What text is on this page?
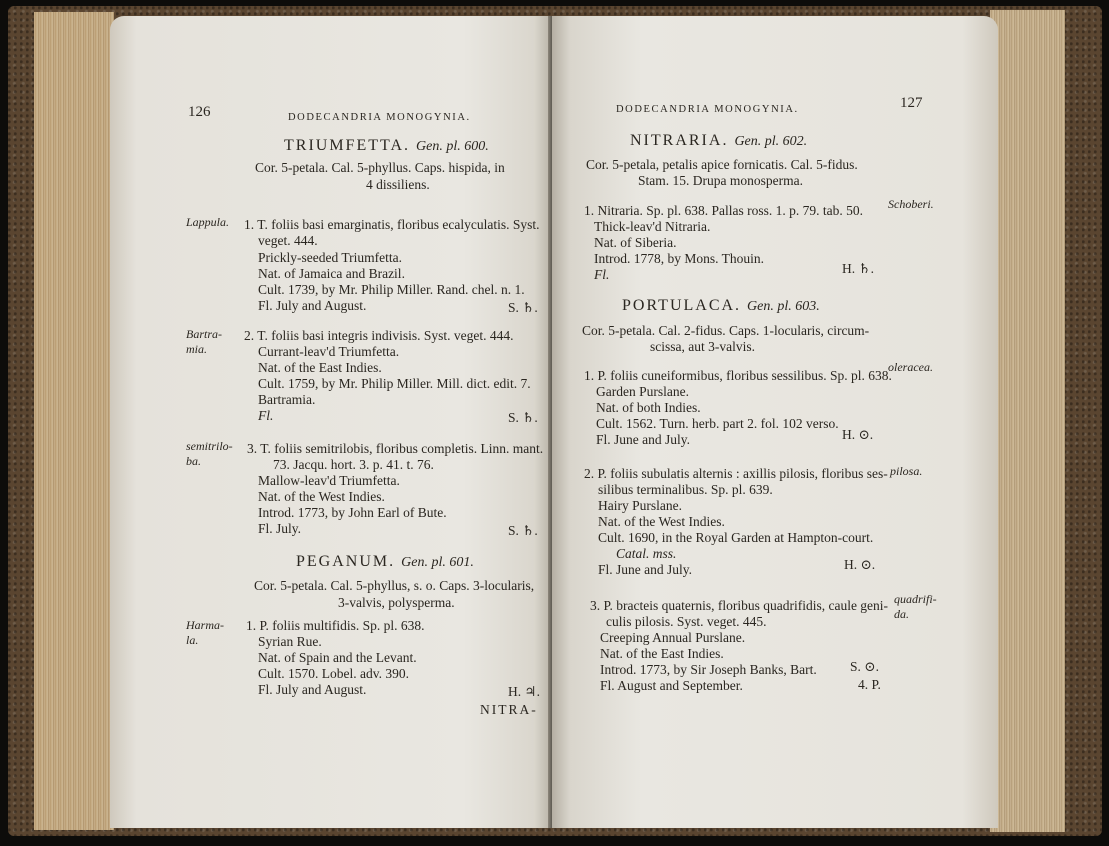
126	DODECANDRIA MONOGYNIA.
TRIUMFETTA. Gen. pl. 600.
Cor. 5-petala. Cal. 5-phyllus. Caps. hispida, in
4 dissiliens.
Lappula. 1. T. foliis basi emarginatis, floribus ecalyculatis. Syst.
veget. 444.
Prickly-seeded Triumfetta.
Nat. of Jamaica and Brazil.
Cult. 1739, by Mr. Philip Miller. Rand. chel. n. 1.
Fl. July and August.	S. ♄.
Bartra-
mia.
2. T. foliis basi integris indivisis. Syst. veget. 444.
Currant-leav'd Triumfetta.
Nat. of the East Indies.
Cult. 1759, by Mr. Philip Miller. Mill. dict. edit. 7.
Bartramia.
Fl.	S. ♄.
semitrilo-
ba.
3. T. foliis semitrilobis, floribus completis. Linn. mant.
73. Jacqu. hort. 3. p. 41. t. 76.
Mallow-leav'd Triumfetta.
Nat. of the West Indies.
Introd. 1773, by John Earl of Bute.
Fl. July.	S. ♄.
PEGANUM. Gen. pl. 601.
Cor. 5-petala. Cal. 5-phyllus, s. o. Caps. 3-locularis,
3-valvis, polysperma.
Harma-
la.
1. P. foliis multifidis. Sp. pl. 638.
Syrian Rue.
Nat. of Spain and the Levant.
Cult. 1570. Lobel. adv. 390.
Fl. July and August.	H. ♃.
NITRA-
DODECANDRIA MONOGYNIA.	127
NITRARIA. Gen. pl. 602.
Cor. 5-petala, petalis apice fornicatis. Cal. 5-fidus.
Stam. 15. Drupa monosperma.
1. Nitraria. Sp. pl. 638. Pallas ross. 1. p. 79. tab. 50. Schoberi.
Thick-leav'd Nitraria.
Nat. of Siberia.
Introd. 1778, by Mons. Thouin.
Fl.	H. ♄.
PORTULACA. Gen. pl. 603.
Cor. 5-petala. Cal. 2-fidus. Caps. 1-locularis, circum-
scissa, aut 3-valvis.
1. P. foliis cuneiformibus, floribus sessilibus. Sp. pl. 638.
oleracea.
Garden Purslane.
Nat. of both Indies.
Cult. 1562. Turn. herb. part 2. fol. 102 verso.
Fl. June and July.	H. ⊙.
2. P. foliis subulatis alternis : axillis pilosis, floribus ses- pilosa.
silibus terminalibus. Sp. pl. 639.
Hairy Purslane.
Nat. of the West Indies.
Cult. 1690, in the Royal Garden at Hampton-court.
Catal. mss.
Fl. June and July.	H. ⊙.
3. P. bracteis quaternis, floribus quadrifidis, caule geni- quadrifi-
da.
culis pilosis. Syst. veget. 445.
Creeping Annual Purslane.
Nat. of the East Indies.
Introd. 1773, by Sir Joseph Banks, Bart.
Fl. August and September.
S. ⊙.
4. P.
